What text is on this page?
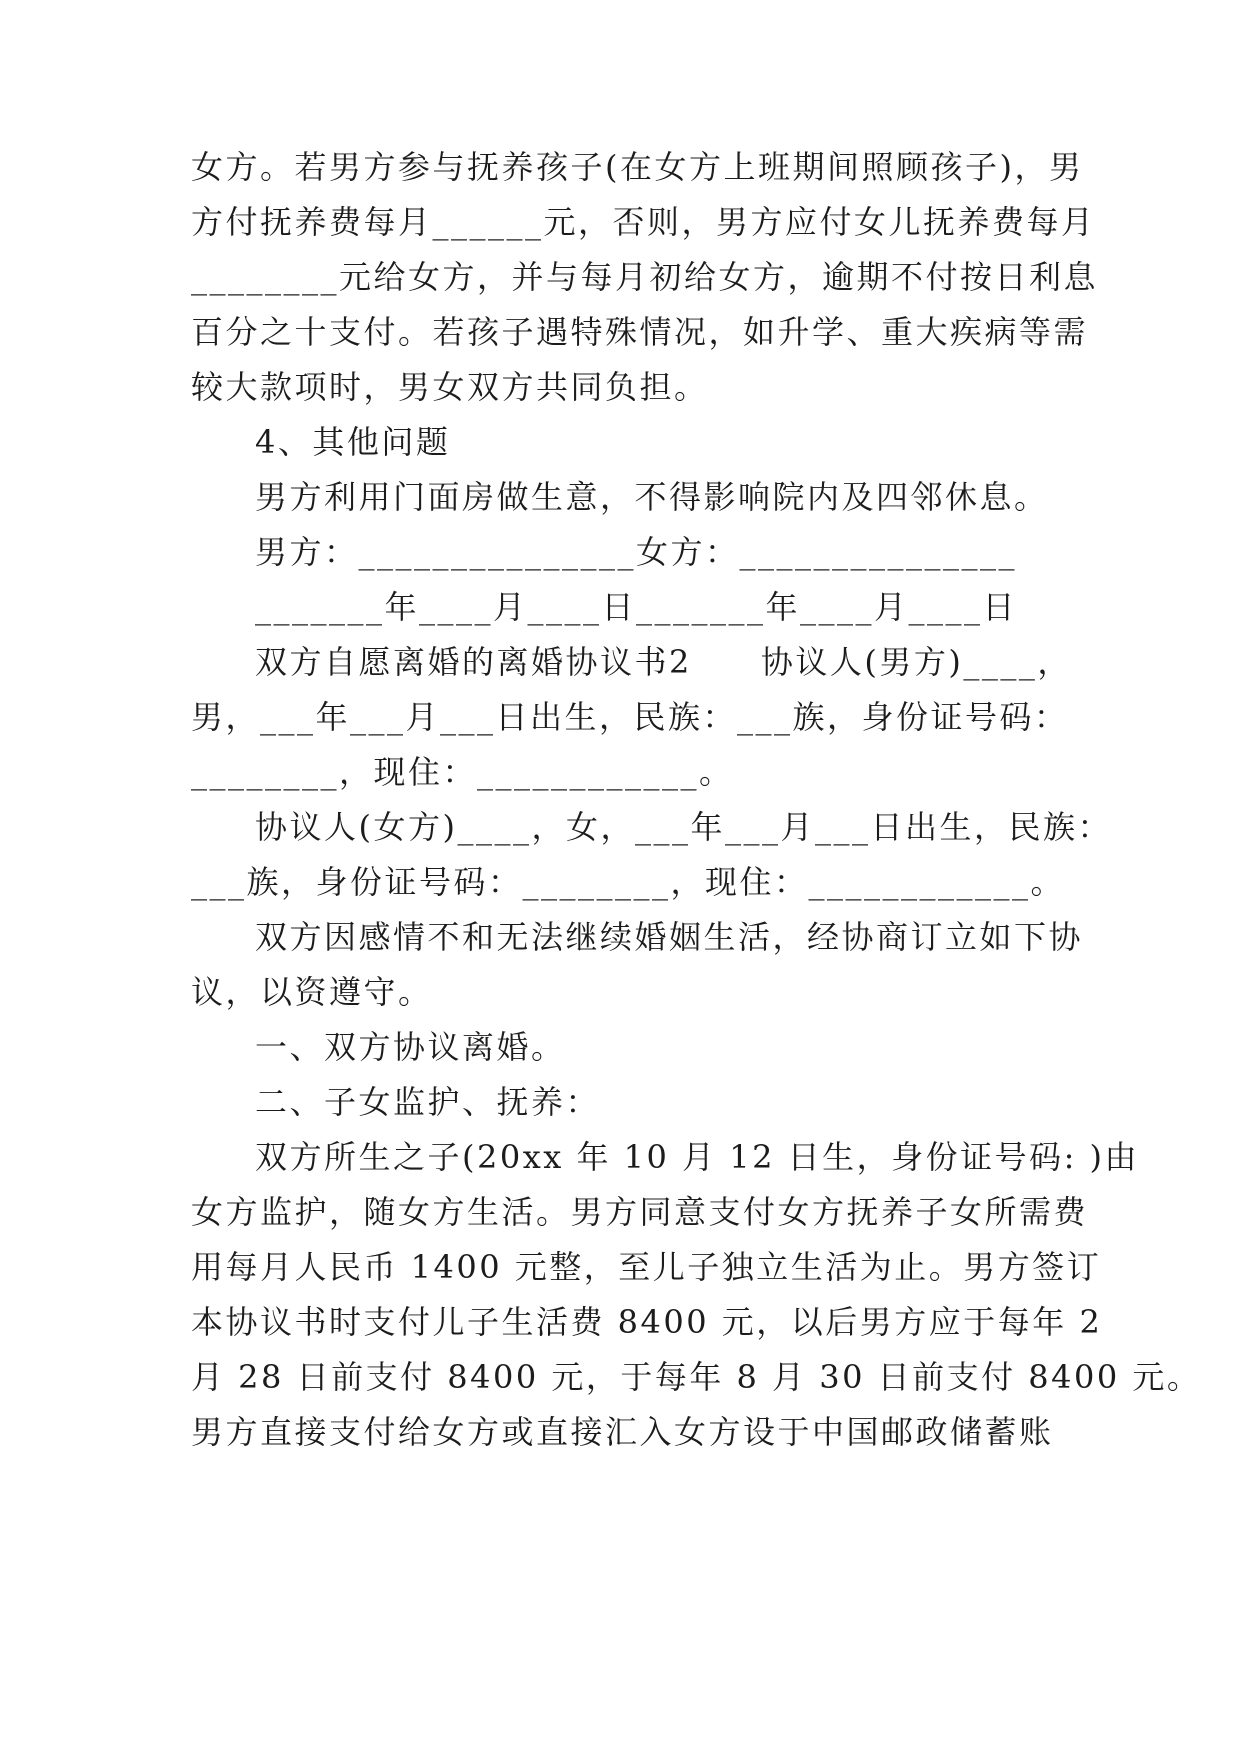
女方。若男方参与抚养孩子(在女方上班期间照顾孩子)，男
方付抚养费每月______元，否则，男方应付女儿抚养费每月
________元给女方，并与每月初给女方，逾期不付按日利息
百分之十支付。若孩子遇特殊情况，如升学、重大疾病等需
较大款项时，男女双方共同负担。
4、其他问题
男方利用门面房做生意，不得影响院内及四邻休息。
男方：_______________女方：_______________
_______年____月____日_______年____月____日
双方自愿离婚的离婚协议书2　　协议人(男方)____，
男，___年___月___日出生，民族：___族，身份证号码：
________，现住：____________。
协议人(女方)____，女，___年___月___日出生，民族：
___族，身份证号码：________，现住：____________。
双方因感情不和无法继续婚姻生活，经协商订立如下协
议，以资遵守。
一、双方协议离婚。
二、子女监护、抚养：
双方所生之子(20xx 年 10 月 12 日生，身份证号码: )由
女方监护，随女方生活。男方同意支付女方抚养子女所需费
用每月人民币 1400 元整，至儿子独立生活为止。男方签订
本协议书时支付儿子生活费 8400 元，以后男方应于每年 2
月 28 日前支付 8400 元，于每年 8 月 30 日前支付 8400 元。
男方直接支付给女方或直接汇入女方设于中国邮政储蓄账
